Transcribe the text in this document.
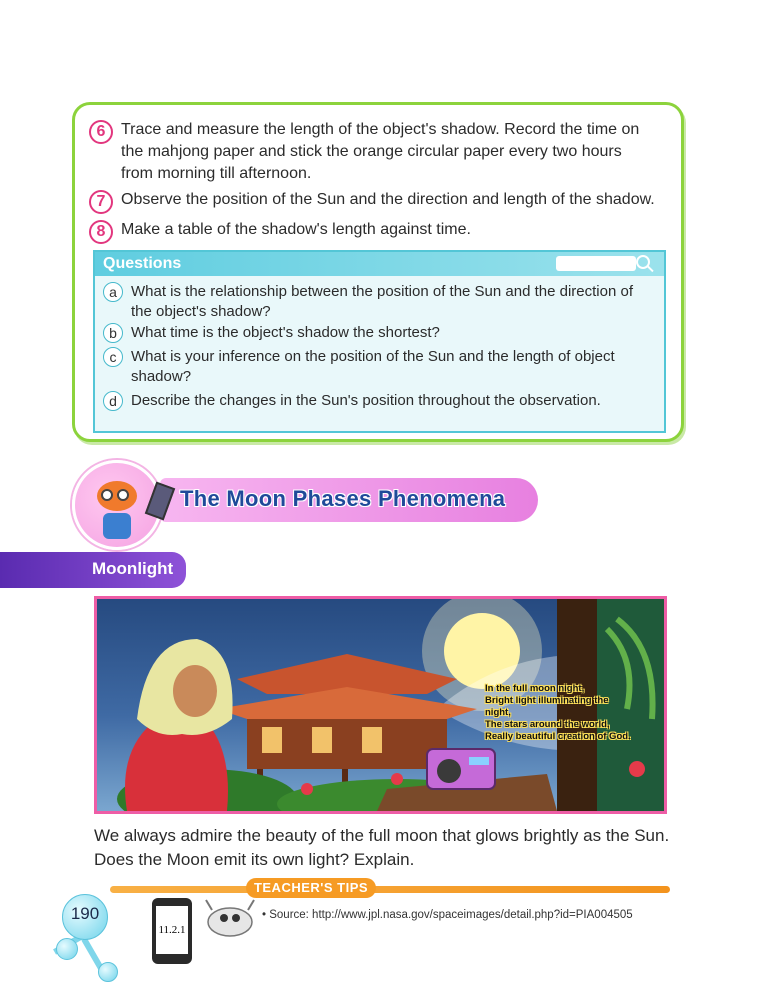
6 Trace and measure the length of the object's shadow. Record the time on the mahjong paper and stick the orange circular paper every two hours from morning till afternoon.
7 Observe the position of the Sun and the direction and length of the shadow.
8 Make a table of the shadow's length against time.
Questions
a What is the relationship between the position of the Sun and the direction of the object's shadow?
b What time is the object's shadow the shortest?
c What is your inference on the position of the Sun and the length of object shadow?
d Describe the changes in the Sun's position throughout the observation.
The Moon Phases Phenomena
Moonlight
In the full moon night,
Bright light illuminating the night,
The stars around the world,
Really beautiful creation of God.

We always admire the beauty of the full moon that glows brightly as the Sun. Does the Moon emit its own light? Explain.

TEACHER'S TIPS
190
11.2.1
• Source: http://www.jpl.nasa.gov/spaceimages/detail.php?id=PIA004505
